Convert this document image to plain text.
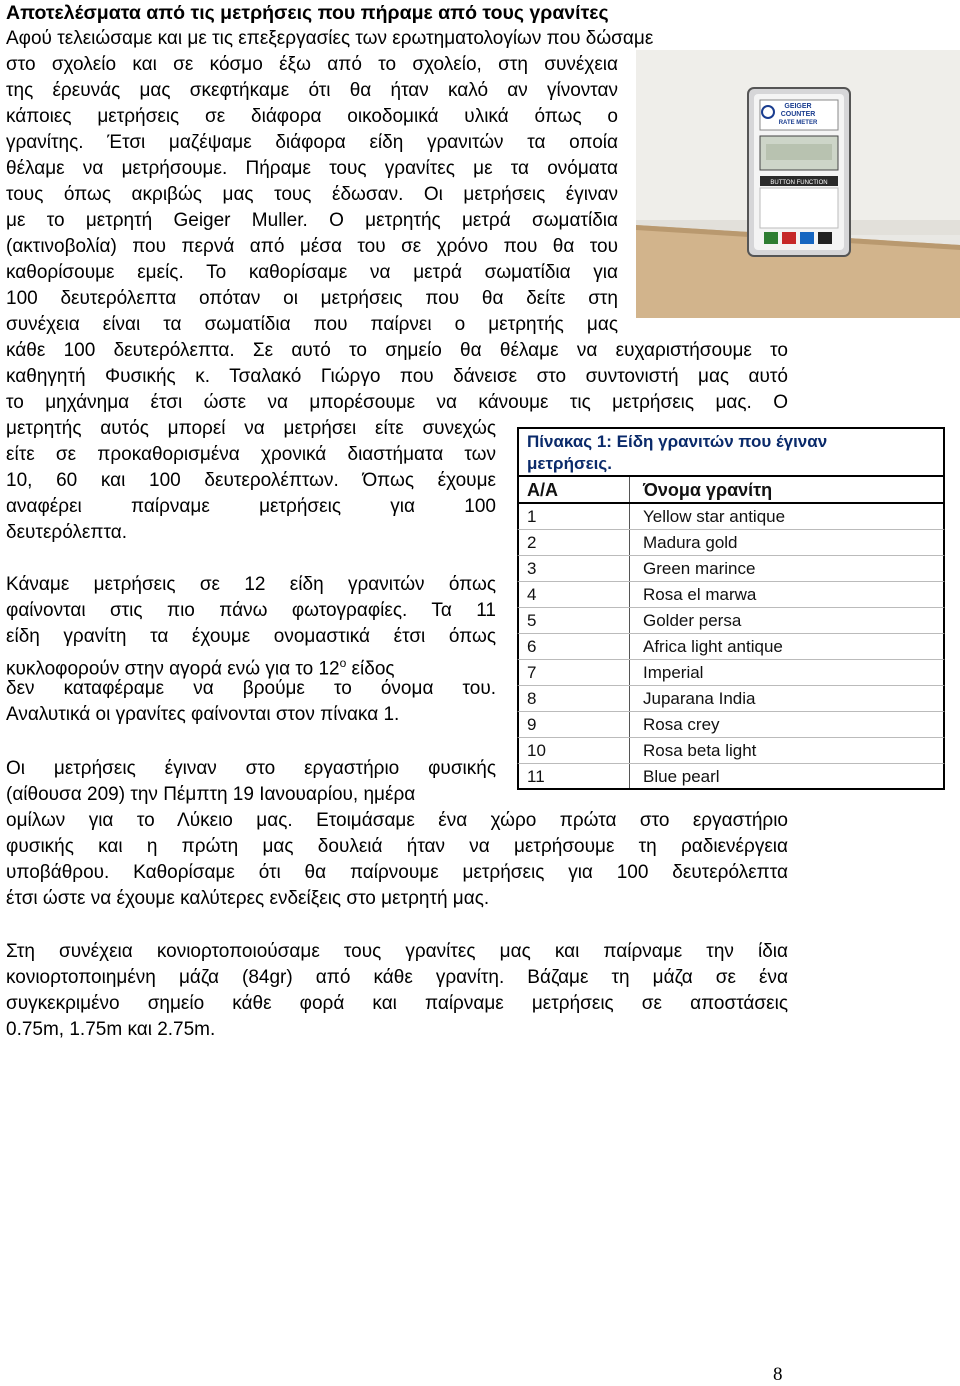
Αποτελέσματα από τις μετρήσεις που πήραμε από τους γρανίτες
Αφού τελειώσαμε και με τις επεξεργασίες των ερωτηματολογίων που δώσαμε
στο σχολείο και σε κόσμο έξω από το σχολείο, στη συνέχεια
της έρευνάς μας σκεφτήκαμε ότι θα ήταν καλό αν γίνονταν
κάποιες μετρήσεις σε διάφορα οικοδομικά υλικά όπως ο
γρανίτης. Έτσι μαζέψαμε διάφορα είδη γρανιτών τα οποία
θέλαμε να μετρήσουμε. Πήραμε τους γρανίτες με τα ονόματα
τους όπως ακριβώς μας τους έδωσαν. Οι μετρήσεις έγιναν
με το μετρητή Geiger Muller. Ο μετρητής μετρά σωματίδια
(ακτινοβολία) που περνά από μέσα του σε χρόνο που θα του
καθορίσουμε εμείς. Το καθορίσαμε να μετρά σωματίδια για
100 δευτερόλεπτα οπόταν οι μετρήσεις που θα δείτε στη
συνέχεια είναι τα σωματίδια που παίρνει ο μετρητής μας
κάθε 100 δευτερόλεπτα. Σε αυτό το σημείο θα θέλαμε να ευχαριστήσουμε το
καθηγητή Φυσικής κ. Τσαλακό Γιώργο που δάνεισε στο συντονιστή μας αυτό
το μηχάνημα έτσι ώστε να μπορέσουμε να κάνουμε τις μετρήσεις μας. Ο
μετρητής αυτός μπορεί να μετρήσει είτε συνεχώς
είτε σε προκαθορισμένα χρονικά διαστήματα των
10, 60 και 100 δευτερολέπτων. Όπως έχουμε
αναφέρει παίρναμε μετρήσεις για 100
δευτερόλεπτα.
Κάναμε μετρήσεις σε 12 είδη γρανιτών όπως
φαίνονται στις πιο πάνω φωτογραφίες. Τα 11
είδη γρανίτη τα έχουμε ονομαστικά έτσι όπως
κυκλοφορούν στην αγορά ενώ για το $12^o$ είδος
δεν καταφέραμε να βρούμε το όνομα του.
Αναλυτικά οι γρανίτες φαίνονται στον πίνακα 1.
Οι μετρήσεις έγιναν στο εργαστήριο φυσικής
(αίθουσα 209) την Πέμπτη 19 Ιανουαρίου, ημέρα
ομίλων για το Λύκειο μας. Ετοιμάσαμε ένα χώρο πρώτα στο εργαστήριο
φυσικής και η πρώτη μας δουλειά ήταν να μετρήσουμε τη ραδιενέργεια
υποβάθρου. Καθορίσαμε ότι θα παίρνουμε μετρήσεις για 100 δευτερόλεπτα
έτσι ώστε να έχουμε καλύτερες ενδείξεις στο μετρητή μας.
Στη συνέχεια κονιορτοποιούσαμε τους γρανίτες μας και παίρναμε την ίδια
κονιορτοποιημένη μάζα (84gr) από κάθε γρανίτη. Βάζαμε τη μάζα σε ένα
συγκεκριμένο σημείο κάθε φορά και παίρναμε μετρήσεις σε αποστάσεις
0.75m, 1.75m και 2.75m.
GEIGER
COUNTER
RATE METER
BUTTON FUNCTION
Πίνακας 1: Είδη γρανιτών που έγιναν
μετρήσεις.
Α/Α	Όνομα γρανίτη
1	Yellow star antique
2	Madura gold
3	Green marince
4	Rosa el marwa
5	Golder persa
6	Africa light antique
7	Imperial
8	Juparana India
9	Rosa crey
10	Rosa beta light
11	Blue pearl
8
